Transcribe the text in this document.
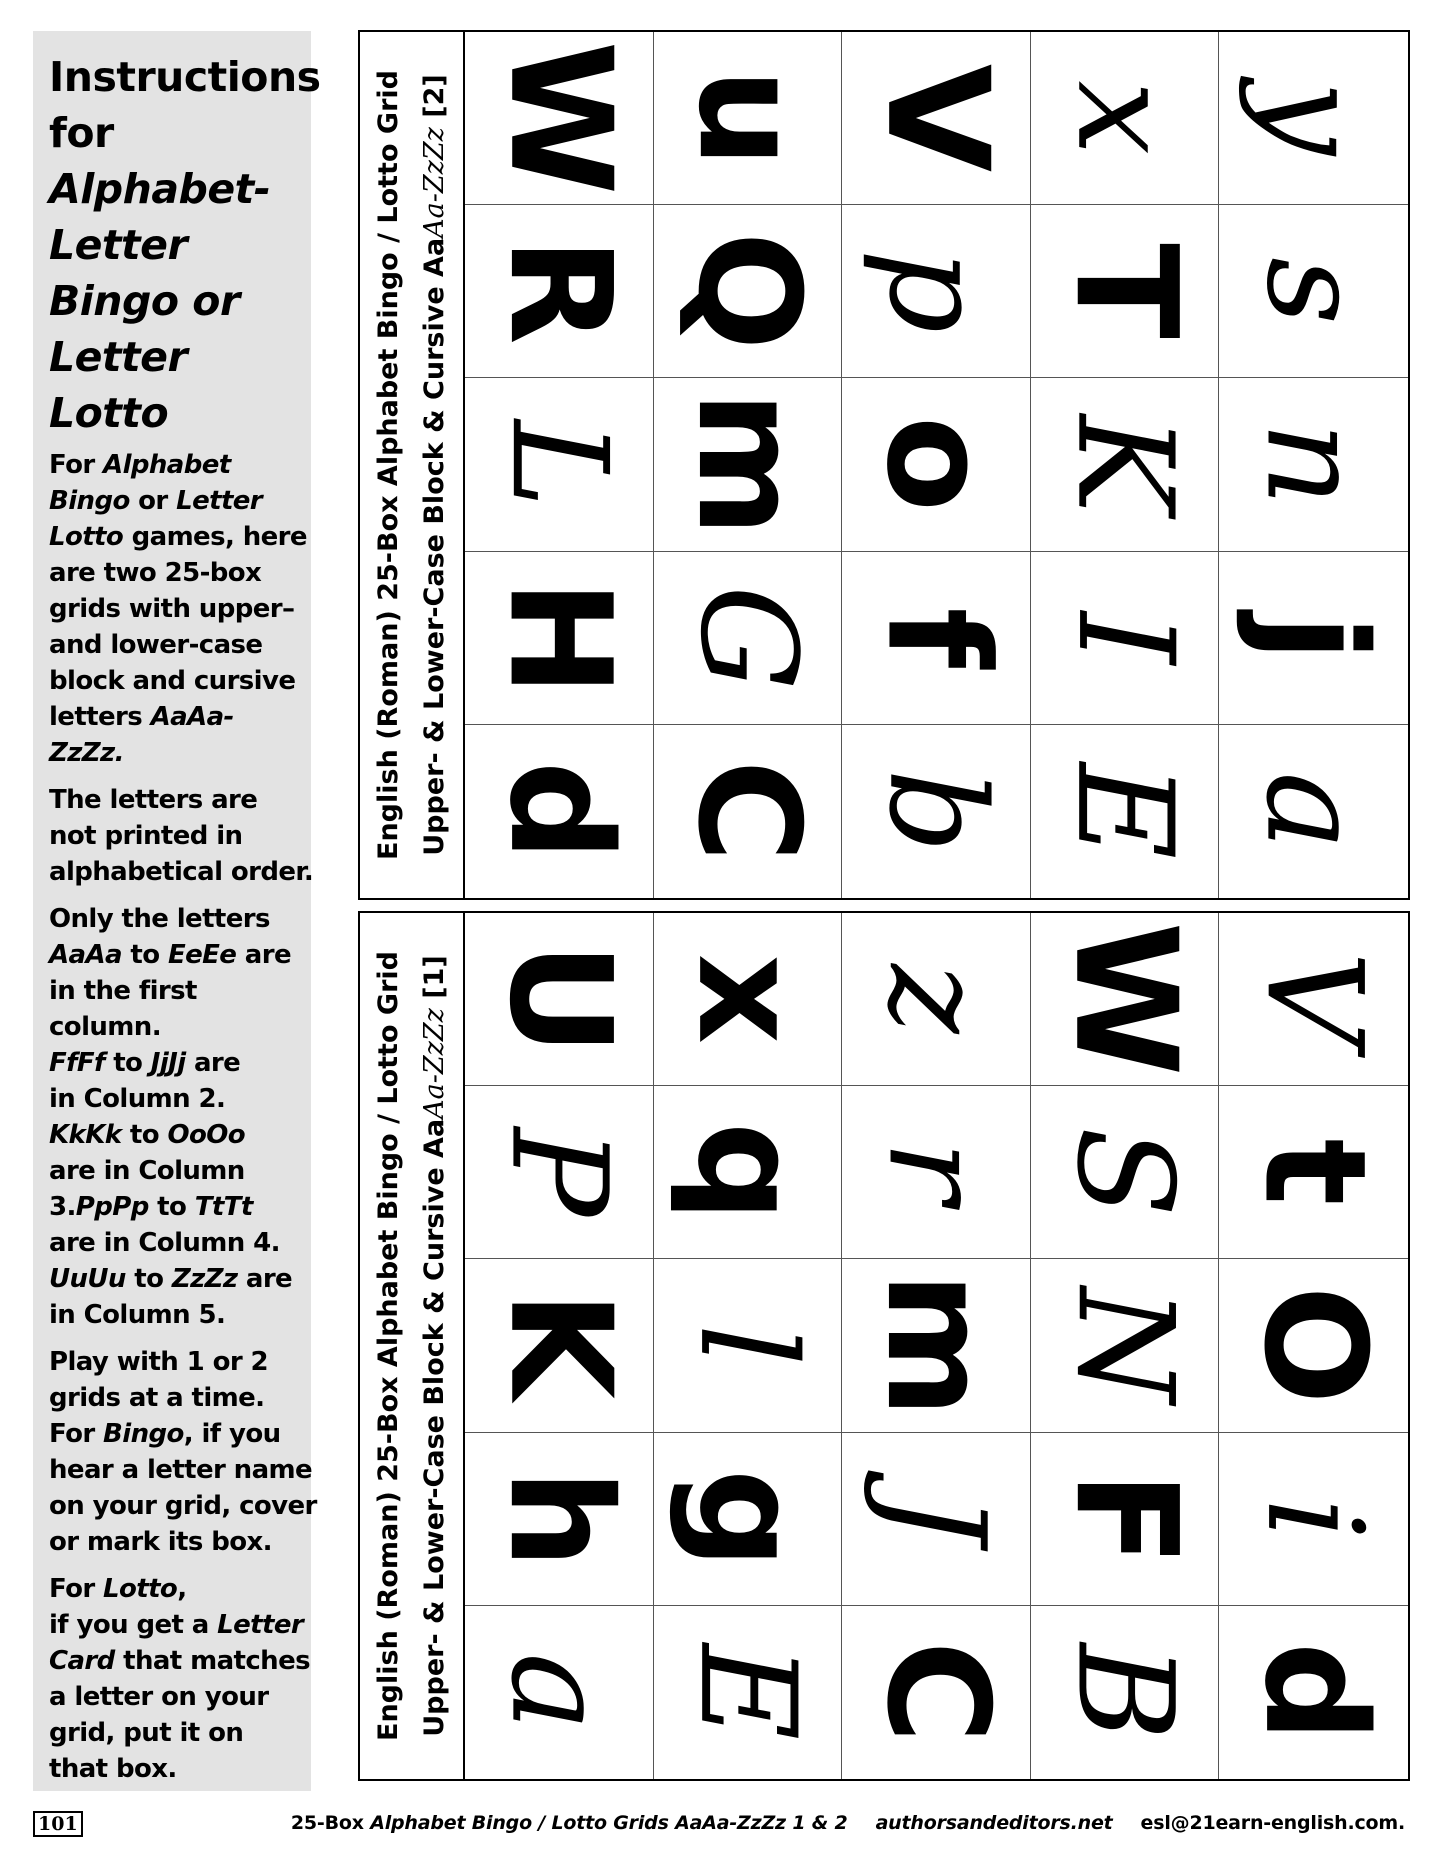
Instructions
for
Alphabet-
Letter
Bingo or
Letter Lotto
For Alphabet
Bingo or Letter
Lotto games, here
are two 25-box
grids with upper–
and lower-case
block and cursive
letters AaAa-
ZzZz.
The letters are
not printed in
alphabetical order.
Only the letters
AaAa to EeEe are
in the first
column.
FfFf to JjJj are
in Column 2.
KkKk to OoOo
are in Column
3.PpPp to TtTt
are in Column 4.
UuUu to ZzZz are
in Column 5.
Play with 1 or 2
grids at a time.
For Bingo, if you
hear a letter name
on your grid, cover
or mark its box.
For Lotto,
if you get a Letter
Card that matches
a letter on your
grid, put it on
that box.
English (Roman) 25-Box Alphabet Bingo / Lotto Grid Upper- & Lower-Case Block & Cursive AaAa-ZzZz [2] W u V x y
R Q p T s
L m o K n
H G f I j
d C b E a
English (Roman) 25-Box Alphabet Bingo / Lotto Grid Upper- & Lower-Case Block & Cursive AaAa-ZzZz [1] U x z W V
P q r S t
K l m N O
h g J F i
a E C B d
101	25-Box Alphabet Bingo / Lotto Grids AaAa-ZzZz 1 & 2 authorsandeditors.net esl@21earn-english.com.
